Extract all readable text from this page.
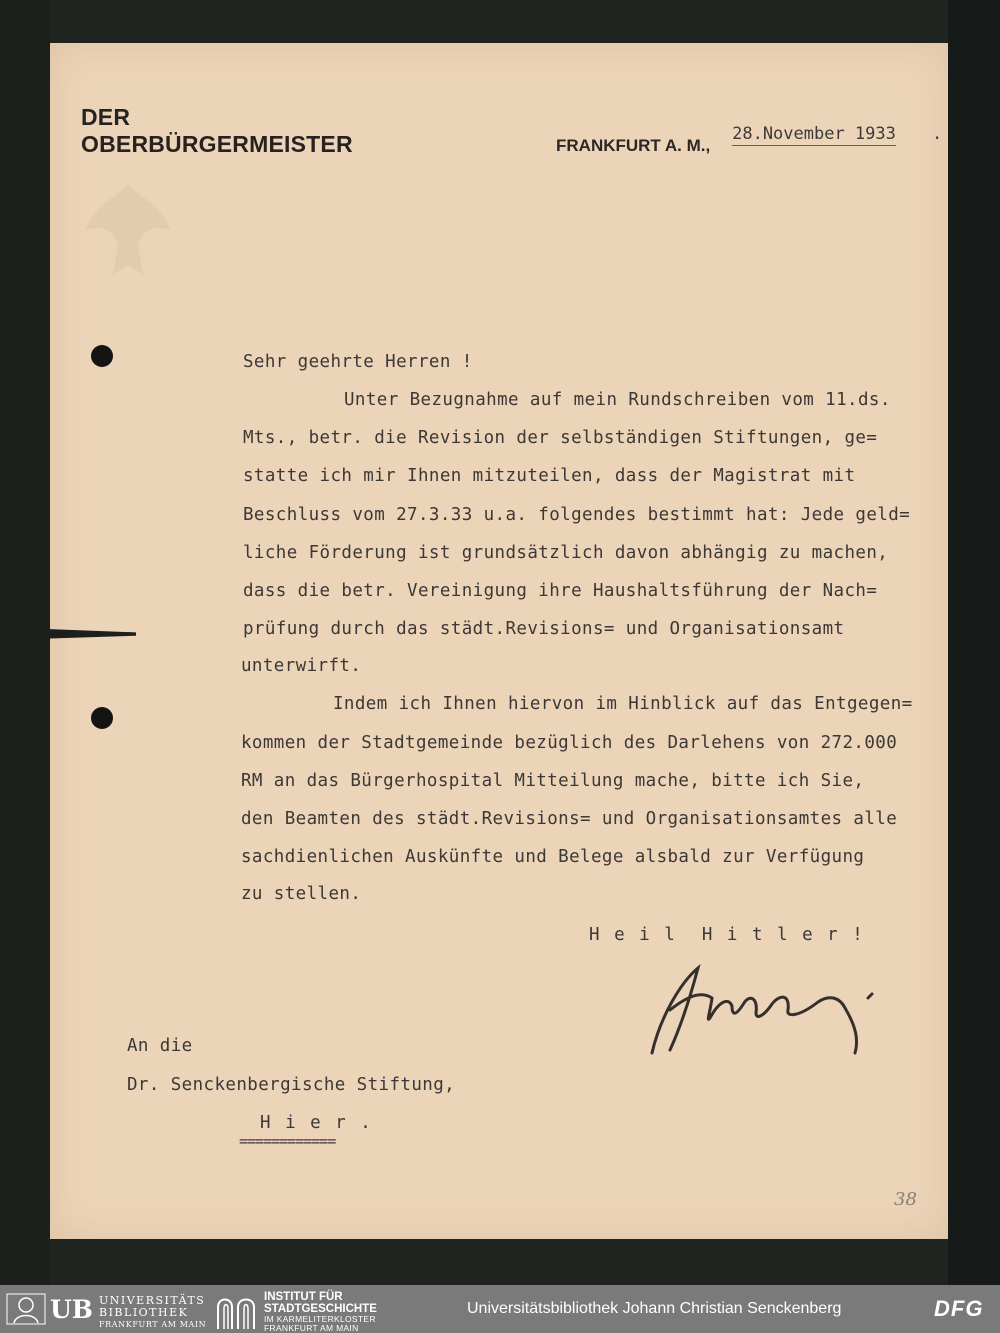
DER
OBERBÜRGERMEISTER	FRANKFURT A. M.,
28.November 1933 .
Sehr geehrte Herren !
Unter Bezugnahme auf mein Rundschreiben vom 11.ds.
Mts., betr. die Revision der selbständigen Stiftungen, ge=
statte ich mir Ihnen mitzuteilen, dass der Magistrat mit
Beschluss vom 27.3.33 u.a. folgendes bestimmt hat: Jede geld=
liche Förderung ist grundsätzlich davon abhängig zu machen,
dass die betr. Vereinigung ihre Haushaltsführung der Nach=
prüfung durch das städt.Revisions= und Organisationsamt
unterwirft.
Indem ich Ihnen hiervon im Hinblick auf das Entgegen=
kommen der Stadtgemeinde bezüglich des Darlehens von 272.000
RM an das Bürgerhospital Mitteilung mache, bitte ich Sie,
den Beamten des städt.Revisions= und Organisationsamtes alle
sachdienlichen Auskünfte und Belege alsbald zur Verfügung
zu stellen.
H e i l  H i t l e r !
An die
Dr. Senckenbergische Stiftung,
H i e r .
============
38
UB UNIVERSITÄTS
BIBLIOTHEK
FRANKFURT AM MAIN
INSTITUT FÜR
STADTGESCHICHTE
IM KARMELITERKLOSTER
FRANKFURT AM MAIN
Universitätsbibliothek Johann Christian Senckenberg	DFG
